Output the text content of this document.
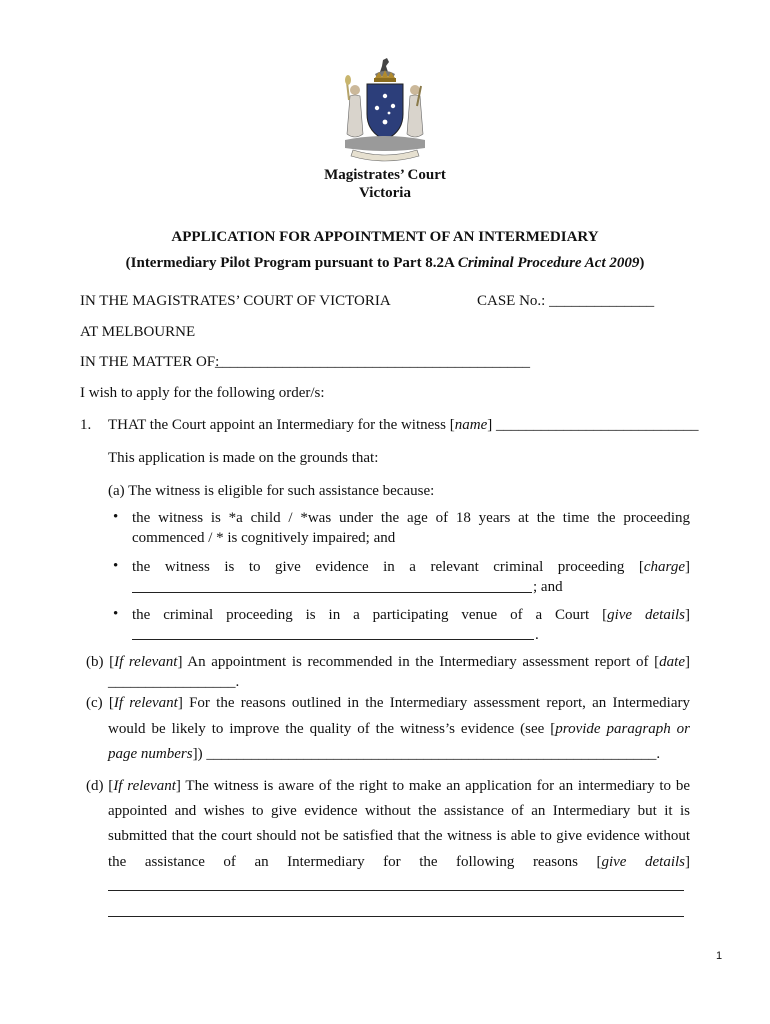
Magistrates’ Court
Victoria
APPLICATION FOR APPOINTMENT OF AN INTERMEDIARY
(Intermediary Pilot Program pursuant to Part 8.2A Criminal Procedure Act 2009)
IN THE MAGISTRATES’ COURT OF VICTORIA	CASE No.: ______________
AT MELBOURNE
IN THE MATTER OF:
__________________________________________
I wish to apply for the following order/s:
1. THAT the Court appoint an Intermediary for the witness [name] ___________________________
This application is made on the grounds that:
(a) The witness is eligible for such assistance because:
• the witness is *a child / *was under the age of 18 years at the time the proceeding
commenced / * is cognitively impaired; and
• the witness is to give evidence in a relevant criminal proceeding [charge]
; and
• the criminal proceeding is in a participating venue of a Court [give details]
.
(b) [If relevant] An appointment is recommended in the Intermediary assessment report of [date]
_________________.
(c) [If relevant] For the reasons outlined in the Intermediary assessment report, an Intermediary
would be likely to improve the quality of the witness’s evidence (see [provide paragraph or
page numbers]) ____________________________________________________________.
(d) [If relevant] The witness is aware of the right to make an application for an intermediary to be
appointed and wishes to give evidence without the assistance of an Intermediary but it is
submitted that the court should not be satisfied that the witness is able to give evidence without
the assistance of an Intermediary for the following reasons [give details]
1
